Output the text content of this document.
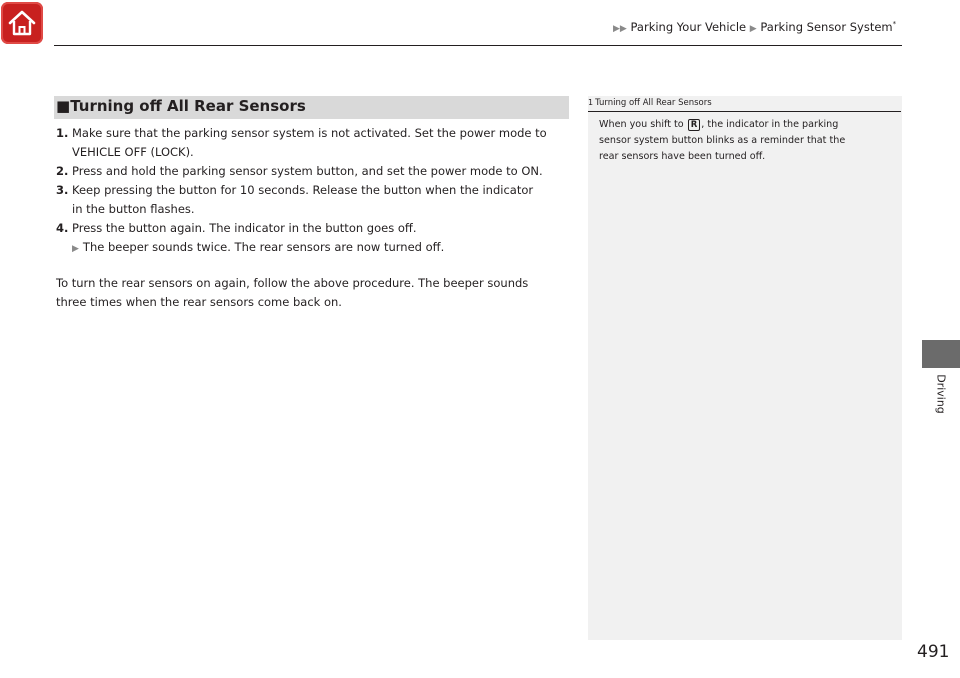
▶▶ Parking Your Vehicle ▶ Parking Sensor System*
■Turning off All Rear Sensors
1. Make sure that the parking sensor system is not activated. Set the power mode to
VEHICLE OFF (LOCK).
2. Press and hold the parking sensor system button, and set the power mode to ON.
3. Keep pressing the button for 10 seconds. Release the button when the indicator
in the button flashes.
4. Press the button again. The indicator in the button goes off.
▶ The beeper sounds twice. The rear sensors are now turned off.
To turn the rear sensors on again, follow the above procedure. The beeper sounds
three times when the rear sensors come back on.
1 Turning off All Rear Sensors
When you shift to R , the indicator in the parking
sensor system button blinks as a reminder that the
rear sensors have been turned off.
Driving
491
